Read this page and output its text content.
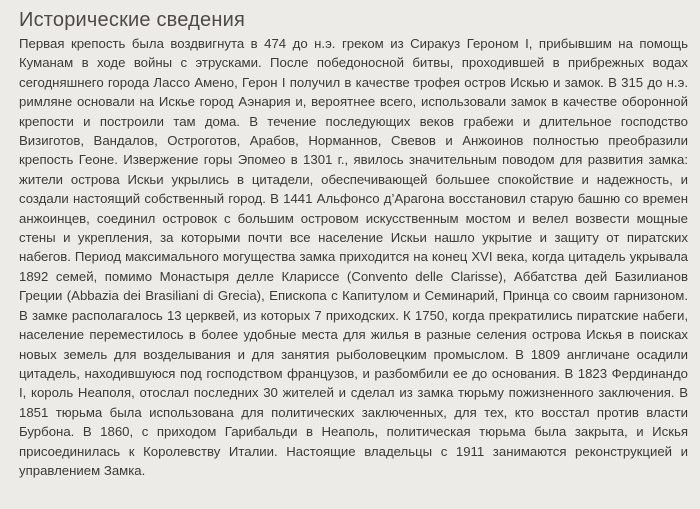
Исторические сведения

Первая крепость была воздвигнута в 474 до н.э. греком из Сиракуз Героном I, прибывшим на помощь Куманам в ходе войны с этрусками. После победоносной битвы, проходившей в прибрежных водах сегодняшнего города Лассо Амено, Герон I получил в качестве трофея остров Искью и замок. В 315 до н.э. римляне основали на Искье город Аэнария и, вероятнее всего, использовали замок в качестве оборонной крепости и построили там дома. В течение последующих веков грабежи и длительное господство Визиготов, Вандалов, Остроготов, Арабов, Норманнов, Свевов и Анжоинов полностью преобразили крепость Геоне. Извержение горы Эпомео в 1301 г., явилось значительным поводом для развития замка: жители острова Искьи укрылись в цитадели, обеспечивающей большее спокойствие и надежность, и создали настоящий собственный город. В 1441 Альфонсо д’Арагона восстановил старую башню со времен анжоинцев, соединил островок с большим островом искусственным мостом и велел возвести мощные стены и укрепления, за которыми почти все население Искьи нашло укрытие и защиту от пиратских набегов. Период максимального могущества замка приходится на конец XVI века, когда цитадель укрывала 1892 семей, помимо Монастыря делле Клариссе (Convento delle Clarisse), Аббатства дей Базилианов Греции (Abbazia dei Brasiliani di Grecia), Епископа с Капитулом и Семинарий, Принца со своим гарнизоном. В замке располагалось 13 церквей, из которых 7 приходских. К 1750, когда прекратились пиратские набеги, население переместилось в более удобные места для жилья в разные селения острова Искья в поисках новых земель для возделывания и для занятия рыболовецким промыслом. В 1809 англичане осадили цитадель, находившуюся под господством французов, и разбомбили ее до основания. В 1823 Фердинандо I, король Неаполя, отослал последних 30 жителей и сделал из замка тюрьму пожизненного заключения. В 1851 тюрьма была использована для политических заключенных, для тех, кто восстал против власти Бурбона. В 1860, с приходом Гарибальди в Неаполь, политическая тюрьма была закрыта, и Искья присоединилась к Королевству Италии. Настоящие владельцы с 1911 занимаются реконструкцией и управлением Замка.
